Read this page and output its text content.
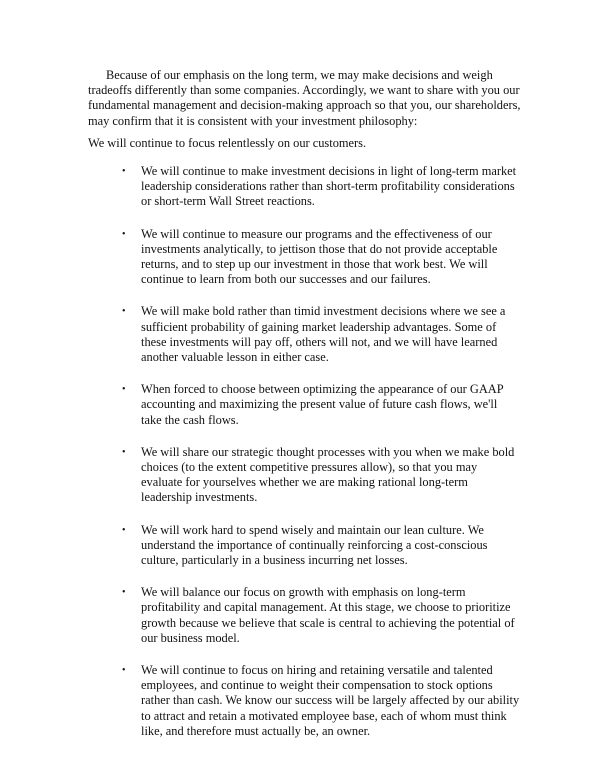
Because of our emphasis on the long term, we may make decisions and weigh tradeoffs differently than some companies. Accordingly, we want to share with you our fundamental management and decision-making approach so that you, our shareholders, may confirm that it is consistent with your investment philosophy:

We will continue to focus relentlessly on our customers.

• We will continue to make investment decisions in light of long-term market leadership considerations rather than short-term profitability considerations or short-term Wall Street reactions.
• We will continue to measure our programs and the effectiveness of our investments analytically, to jettison those that do not provide acceptable returns, and to step up our investment in those that work best. We will continue to learn from both our successes and our failures.
• We will make bold rather than timid investment decisions where we see a sufficient probability of gaining market leadership advantages. Some of these investments will pay off, others will not, and we will have learned another valuable lesson in either case.
• When forced to choose between optimizing the appearance of our GAAP accounting and maximizing the present value of future cash flows, we'll take the cash flows.
• We will share our strategic thought processes with you when we make bold choices (to the extent competitive pressures allow), so that you may evaluate for yourselves whether we are making rational long-term leadership investments.
• We will work hard to spend wisely and maintain our lean culture. We understand the importance of continually reinforcing a cost-conscious culture, particularly in a business incurring net losses.
• We will balance our focus on growth with emphasis on long-term profitability and capital management. At this stage, we choose to prioritize growth because we believe that scale is central to achieving the potential of our business model.
• We will continue to focus on hiring and retaining versatile and talented employees, and continue to weight their compensation to stock options rather than cash. We know our success will be largely affected by our ability to attract and retain a motivated employee base, each of whom must think like, and therefore must actually be, an owner.
